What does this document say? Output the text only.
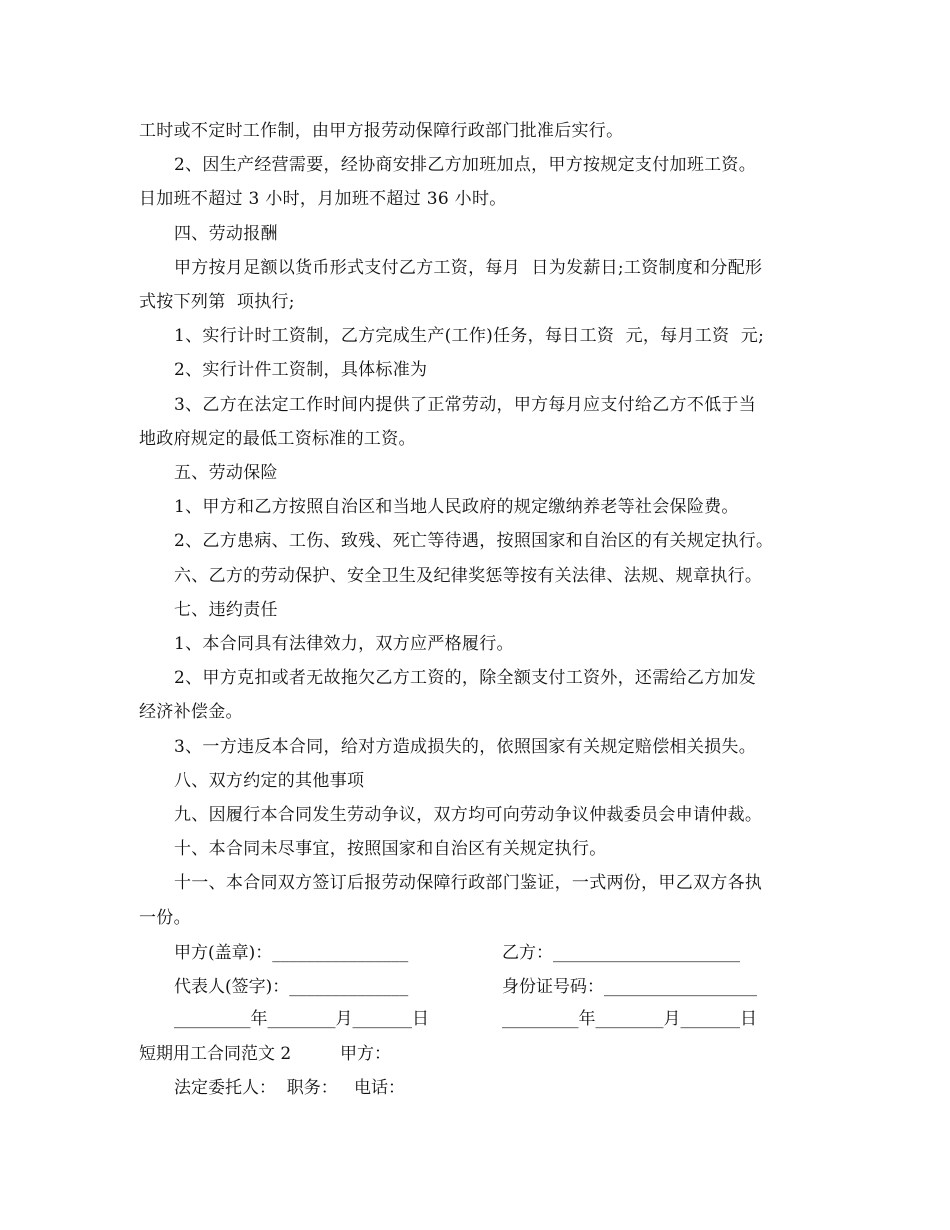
工时或不定时工作制，由甲方报劳动保障行政部门批准后实行。
2、因生产经营需要，经协商安排乙方加班加点，甲方按规定支付加班工资。
日加班不超过 3 小时，月加班不超过 36 小时。
四、劳动报酬
甲方按月足额以货币形式支付乙方工资，每月  日为发薪日;工资制度和分配形
式按下列第  项执行;
1、实行计时工资制，乙方完成生产(工作)任务，每日工资  元，每月工资  元;
2、实行计件工资制，具体标准为
3、乙方在法定工作时间内提供了正常劳动，甲方每月应支付给乙方不低于当
地政府规定的最低工资标准的工资。
五、劳动保险
1、甲方和乙方按照自治区和当地人民政府的规定缴纳养老等社会保险费。
2、乙方患病、工伤、致残、死亡等待遇，按照国家和自治区的有关规定执行。
六、乙方的劳动保护、安全卫生及纪律奖惩等按有关法律、法规、规章执行。
七、违约责任
1、本合同具有法律效力，双方应严格履行。
2、甲方克扣或者无故拖欠乙方工资的，除全额支付工资外，还需给乙方加发
经济补偿金。
3、一方违反本合同，给对方造成损失的，依照国家有关规定赔偿相关损失。
八、双方约定的其他事项
九、因履行本合同发生劳动争议，双方均可向劳动争议仲裁委员会申请仲裁。
十、本合同未尽事宜，按照国家和自治区有关规定执行。
十一、本合同双方签订后报劳动保障行政部门鉴证，一式两份，甲乙双方各执
一份。
甲方(盖章)：________________	乙方：______________________
代表人(签字)：______________	身份证号码：__________________
_________年________月_______日	_________年________月_______日
短期用工合同范文 2	甲方：
法定委托人：  职务：   电话：
